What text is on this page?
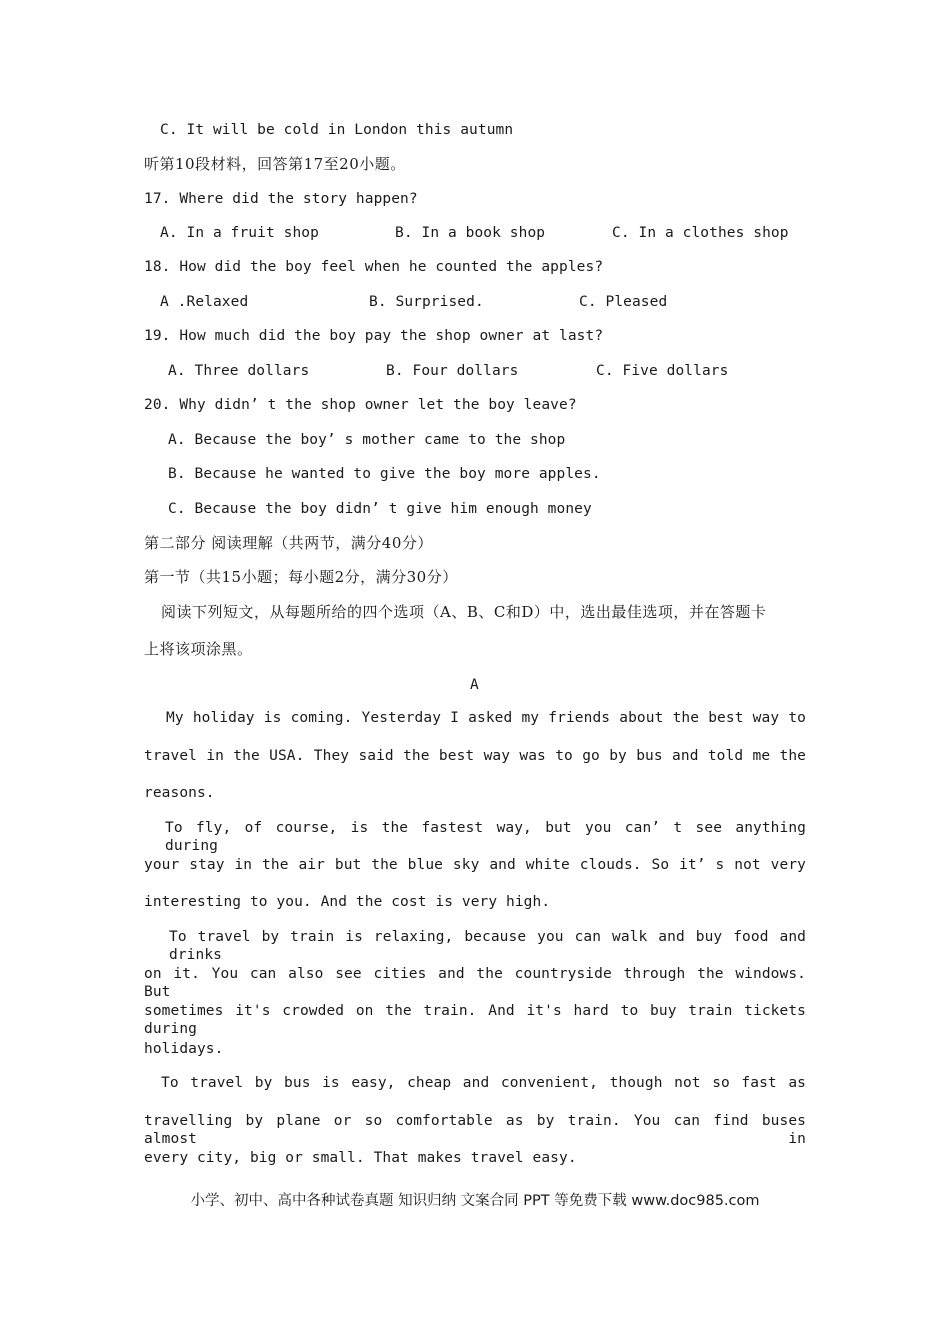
C. It will be cold in London this autumn
听第10段材料，回答第17至20小题。
17. Where did the story happen?
A. In a fruit shop	B. In a book shop	C. In a clothes shop
18. How did the boy feel when he counted the apples?
A .Relaxed	B. Surprised.	C. Pleased
19. How much did the boy pay the shop owner at last?
A. Three dollars	B. Four dollars	C. Five dollars
20. Why didn’ t the shop owner let the boy leave?
A. Because the boy’ s mother came to the shop
B. Because he wanted to give the boy more apples.
C. Because the boy didn’ t give him enough money
第二部分 阅读理解（共两节，满分40分）
第一节（共15小题；每小题2分，满分30分）
阅读下列短文，从每题所给的四个选项（A、B、C和D）中，选出最佳选项，并在答题卡
上将该项涂黑。
A
My holiday is coming. Yesterday I asked my friends about the best way to
travel in the USA. They said the best way was to go by bus and told me the
reasons.
To fly, of course, is the fastest way, but you can’ t see anything during
your stay in the air but the blue sky and white clouds. So it’ s not very
interesting to you. And the cost is very high.
To travel by train is relaxing, because you can walk and buy food and drinks
on it. You can also see cities and the countryside through the windows. But
sometimes it's crowded on the train. And it's hard to buy train tickets during
holidays.
To travel by bus is easy, cheap and convenient, though not so fast as
travelling by plane or so comfortable as by train. You can find buses almost in
every city, big or small. That makes travel easy.
小学、初中、高中各种试卷真题 知识归纳 文案合同 PPT 等免费下载 www.doc985.com
